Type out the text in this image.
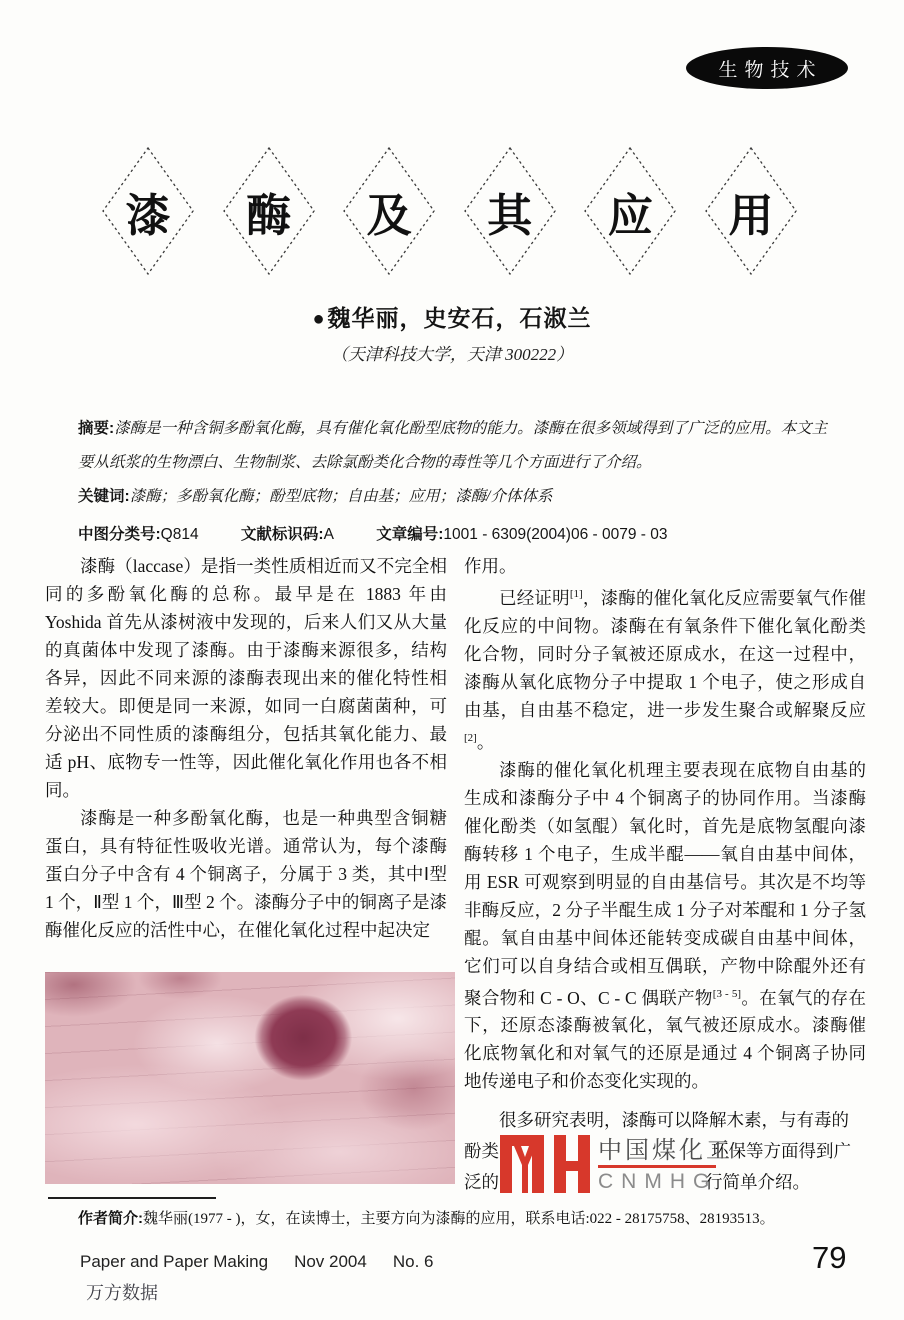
生物技术
漆	酶	及	其	应	用
●魏华丽，史安石，石淑兰
（天津科技大学，天津 300222）

摘要:漆酶是一种含铜多酚氧化酶，具有催化氧化酚型底物的能力。漆酶在很多领域得到了广泛的应用。本文主要从纸浆的生物漂白、生物制浆、去除氯酚类化合物的毒性等几个方面进行了介绍。

关键词:漆酶；多酚氧化酶；酚型底物；自由基；应用；漆酶/介体体系

中图分类号:Q814	文献标识码:A	文章编号:1001 - 6309(2004)06 - 0079 - 03

漆酶（laccase）是指一类性质相近而又不完全相同的多酚氧化酶的总称。最早是在 1883 年由 Yoshida 首先从漆树液中发现的，后来人们又从大量的真菌体中发现了漆酶。由于漆酶来源很多，结构各异，因此不同来源的漆酶表现出来的催化特性相差较大。即便是同一来源，如同一白腐菌菌种，可分泌出不同性质的漆酶组分，包括其氧化能力、最适 pH、底物专一性等，因此催化氧化作用也各不相同。

漆酶是一种多酚氧化酶，也是一种典型含铜糖蛋白，具有特征性吸收光谱。通常认为，每个漆酶蛋白分子中含有 4 个铜离子，分属于 3 类，其中Ⅰ型 1 个，Ⅱ型 1 个，Ⅲ型 2 个。漆酶分子中的铜离子是漆酶催化反应的活性中心，在催化氧化过程中起决定

作用。

已经证明[1]，漆酶的催化氧化反应需要氧气作催化反应的中间物。漆酶在有氧条件下催化氧化酚类化合物，同时分子氧被还原成水，在这一过程中，漆酶从氧化底物分子中提取 1 个电子，使之形成自由基，自由基不稳定，进一步发生聚合或解聚反应[2]。

漆酶的催化氧化机理主要表现在底物自由基的生成和漆酶分子中 4 个铜离子的协同作用。当漆酶催化酚类（如氢醌）氧化时，首先是底物氢醌向漆酶转移 1 个电子，生成半醌——氧自由基中间体，用 ESR 可观察到明显的自由基信号。其次是不均等非酶反应，2 分子半醌生成 1 分子对苯醌和 1 分子氢醌。氧自由基中间体还能转变成碳自由基中间体，它们可以自身结合或相互偶联，产物中除醌外还有聚合物和 C - O、C - C 偶联产物[3 - 5]。在氧气的存在下，还原态漆酶被氧化，氧气被还原成水。漆酶催化底物氧化和对氧气的还原是通过 4 个铜离子协同地传递电子和价态变化实现的。

很多研究表明，漆酶可以降解木素，与有毒的
酚类	环保等方面得到广
泛的	行简单介绍。
中国煤化工
CNMHG
作者简介:魏华丽(1977 - )，女，在读博士，主要方向为漆酶的应用，联系电话:022 - 28175758、28193513。
Paper and Paper Making Nov 2004 No. 6
万方数据
79
